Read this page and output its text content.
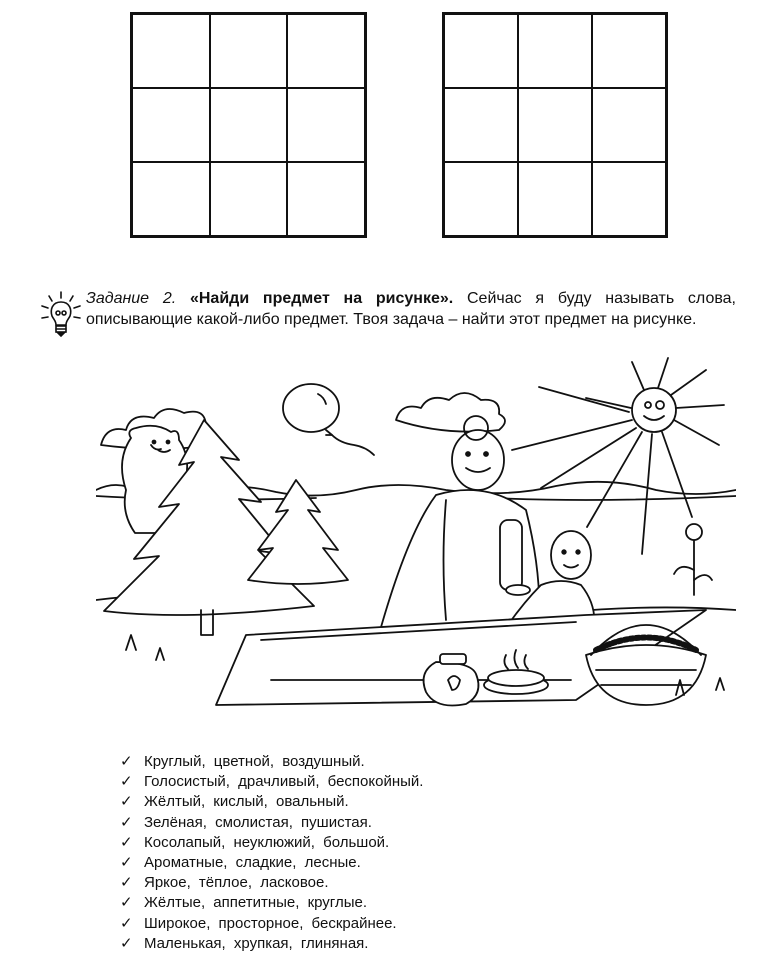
Задание 2. «Найди предмет на рисунке». Сейчас я буду называть слова, описывающие какой-либо предмет. Твоя задача – найти этот предмет на рисунке.

✓ Круглый, цветной, воздушный.
✓ Голосистый, драчливый, беспокойный.
✓ Жёлтый, кислый, овальный.
✓ Зелёная, смолистая, пушистая.
✓ Косолапый, неуклюжий, большой.
✓ Ароматные, сладкие, лесные.
✓ Яркое, тёплое, ласковое.
✓ Жёлтые, аппетитные, круглые.
✓ Широкое, просторное, бескрайнее.
✓ Маленькая, хрупкая, глиняная.
